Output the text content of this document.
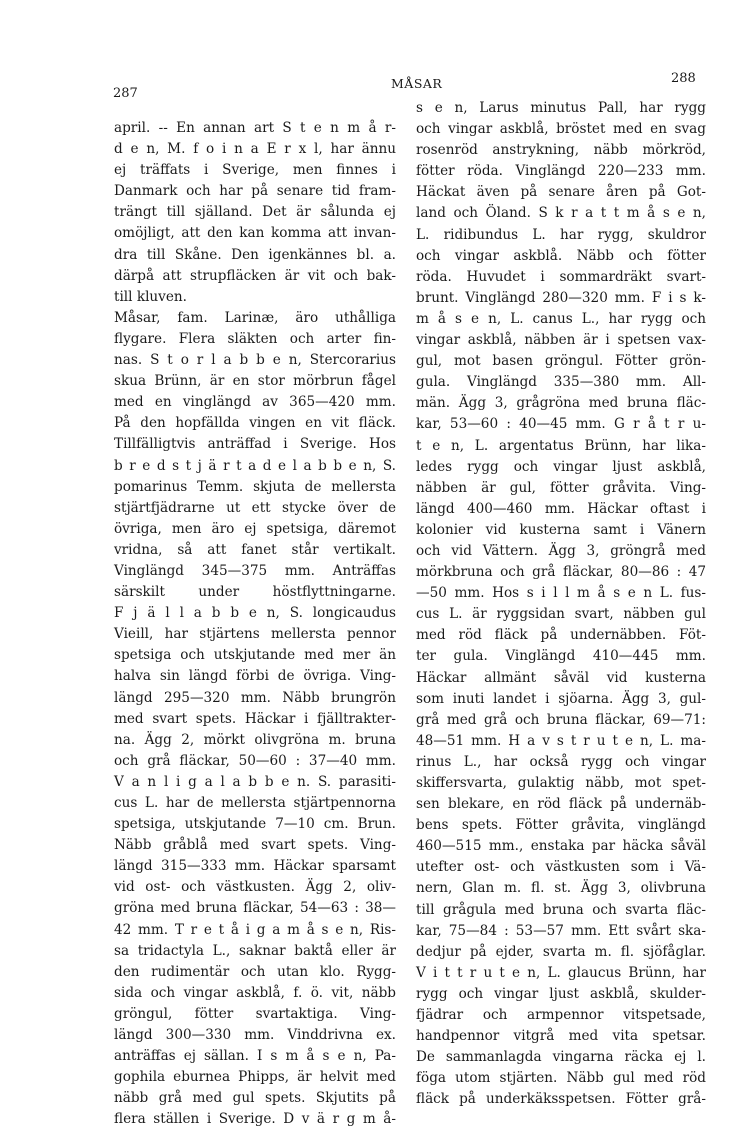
287
MÅSAR	288
april. -- En annan art S t e n m å r-
d e n, M. f o i n a E r x l, har ännu
ej träffats i Sverige, men finnes i
Danmark och har på senare tid fram-
trängt till själland. Det är sålunda ej
omöjligt, att den kan komma att invan-
dra till Skåne. Den igenkännes bl. a.
därpå att strupfläcken är vit och bak-
till kluven.
Måsar, fam. Larinæ, äro uthålliga
flygare. Flera släkten och arter fin-
nas. S t o r l a b b e n, Stercorarius
skua Brünn, är en stor mörbrun fågel
med en vinglängd av 365—420 mm.
På den hopfällda vingen en vit fläck.
Tillfälligtvis anträffad i Sverige. Hos
b r e d s t j ä r t a d e l a b b e n, S.
pomarinus Temm. skjuta de mellersta
stjärtfjädrarne ut ett stycke över de
övriga, men äro ej spetsiga, däremot
vridna, så att fanet står vertikalt.
Vinglängd 345—375 mm. Anträffas
särskilt under höstflyttningarne.
F j ä l l a b b e n, S. longicaudus
Vieill, har stjärtens mellersta pennor
spetsiga och utskjutande med mer än
halva sin längd förbi de övriga. Ving-
längd 295—320 mm. Näbb brungrön
med svart spets. Häckar i fjälltrakter-
na. Ägg 2, mörkt olivgröna m. bruna
och grå fläckar, 50—60 : 37—40 mm.
V a n l i g a l a b b e n. S. parasiti-
cus L. har de mellersta stjärtpennorna
spetsiga, utskjutande 7—10 cm. Brun.
Näbb gråblå med svart spets. Ving-
längd 315—333 mm. Häckar sparsamt
vid ost- och västkusten. Ägg 2, oliv-
gröna med bruna fläckar, 54—63 : 38—
42 mm. T r e t å i g a m å s e n, Ris-
sa tridactyla L., saknar baktå eller är
den rudimentär och utan klo. Rygg-
sida och vingar askblå, f. ö. vit, näbb
gröngul, fötter svartaktiga. Ving-
längd 300—330 mm. Vinddrivna ex.
anträffas ej sällan. I s m å s e n, Pa-
gophila eburnea Phipps, är helvit med
näbb grå med gul spets. Skjutits på
flera ställen i Sverige. D v ä r g m å-
s e n, Larus minutus Pall, har rygg
och vingar askblå, bröstet med en svag
rosenröd anstrykning, näbb mörkröd,
fötter röda. Vinglängd 220—233 mm.
Häckat även på senare åren på Got-
land och Öland. S k r a t t m å s e n,
L. ridibundus L. har rygg, skuldror
och vingar askblå. Näbb och fötter
röda. Huvudet i sommardräkt svart-
brunt. Vinglängd 280—320 mm. F i s k-
m å s e n, L. canus L., har rygg och
vingar askblå, näbben är i spetsen vax-
gul, mot basen gröngul. Fötter grön-
gula. Vinglängd 335—380 mm. All-
män. Ägg 3, grågröna med bruna fläc-
kar, 53—60 : 40—45 mm. G r å t r u-
t e n, L. argentatus Brünn, har lika-
ledes rygg och vingar ljust askblå,
näbben är gul, fötter gråvita. Ving-
längd 400—460 mm. Häckar oftast i
kolonier vid kusterna samt i Vänern
och vid Vättern. Ägg 3, gröngrå med
mörkbruna och grå fläckar, 80—86 : 47
—50 mm. Hos s i l l m å s e n L. fus-
cus L. är ryggsidan svart, näbben gul
med röd fläck på undernäbben. Föt-
ter gula. Vinglängd 410—445 mm.
Häckar allmänt såväl vid kusterna
som inuti landet i sjöarna. Ägg 3, gul-
grå med grå och bruna fläckar, 69—71:
48—51 mm. H a v s t r u t e n, L. ma-
rinus L., har också rygg och vingar
skiffersvarta, gulaktig näbb, mot spet-
sen blekare, en röd fläck på undernäb-
bens spets. Fötter gråvita, vinglängd
460—515 mm., enstaka par häcka såväl
utefter ost- och västkusten som i Vä-
nern, Glan m. fl. st. Ägg 3, olivbruna
till grågula med bruna och svarta fläc-
kar, 75—84 : 53—57 mm. Ett svårt ska-
dedjur på ejder, svarta m. fl. sjöfåglar.
V i t t r u t e n, L. glaucus Brünn, har
rygg och vingar ljust askblå, skulder-
fjädrar och armpennor vitspetsade,
handpennor vitgrå med vita spetsar.
De sammanlagda vingarna räcka ej l.
föga utom stjärten. Näbb gul med röd
fläck på underkäksspetsen. Fötter grå-
